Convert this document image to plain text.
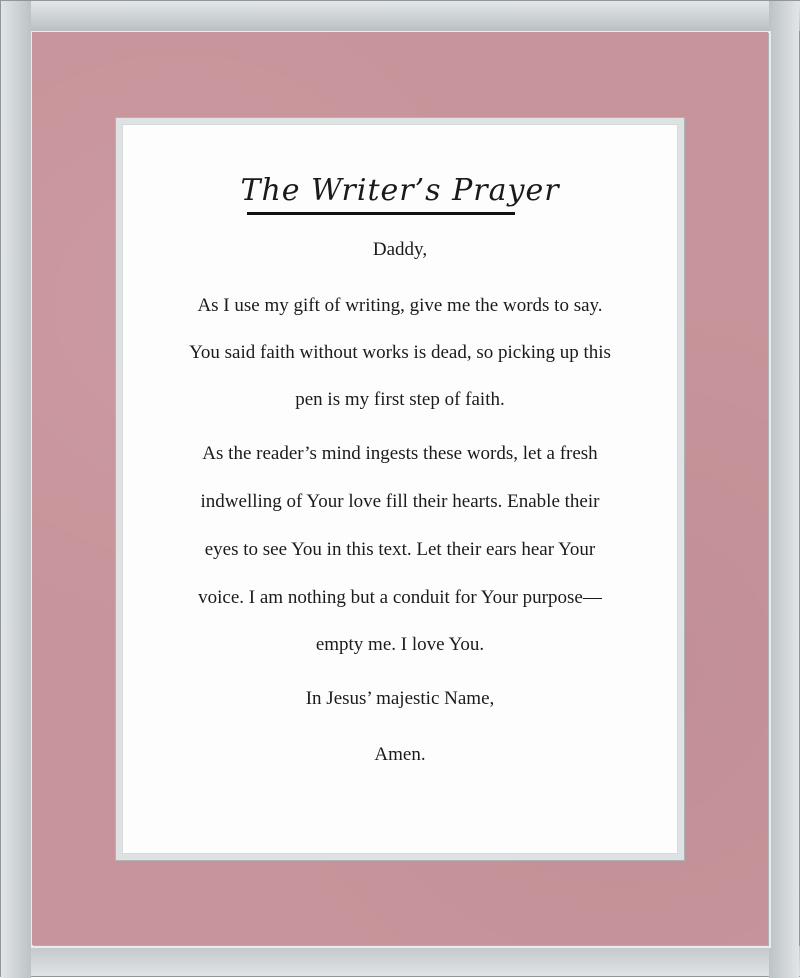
The Writer’s Prayer

Daddy,

As I use my gift of writing, give me the words to say.

You said faith without works is dead, so picking up this

pen is my first step of faith.

As the reader’s mind ingests these words, let a fresh

indwelling of Your love fill their hearts. Enable their

eyes to see You in this text. Let their ears hear Your

voice. I am nothing but a conduit for Your purpose—

empty me. I love You.

In Jesus’ majestic Name,

Amen.
